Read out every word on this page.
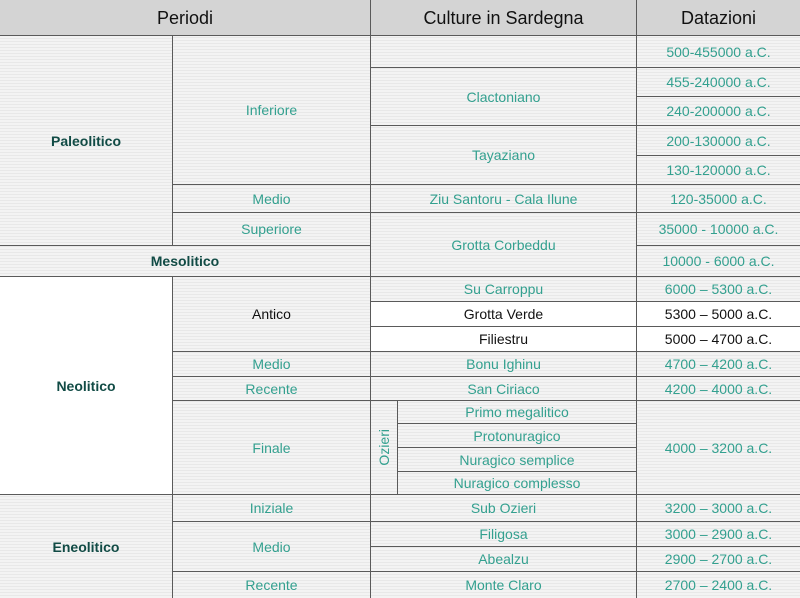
Periodi	Culture in Sardegna	Datazioni
Paleolitico
Mesolitico
Neolitico
Eneolitico
Inferiore
Medio
Superiore
Antico
Medio
Recente
Finale
Iniziale
Medio
Recente
Clactoniano
Tayaziano
Ziu Santoru - Cala Ilune
Grotta Corbeddu
Su Carroppu
Grotta Verde
Filiestru
Bonu Ighinu
San Ciriaco
Ozieri
Primo megalitico
Protonuragico
Nuragico semplice
Nuragico complesso
Sub Ozieri
Filigosa
Abealzu
Monte Claro
500-455000 a.C.
455-240000 a.C.
240-200000 a.C.
200-130000 a.C.
130-120000 a.C.
120-35000 a.C.
35000 - 10000 a.C.
10000 - 6000 a.C.
6000 – 5300 a.C.
5300 – 5000 a.C.
5000 – 4700 a.C.
4700 – 4200 a.C.
4200 – 4000 a.C.
4000 – 3200 a.C.
3200 – 3000 a.C.
3000 – 2900 a.C.
2900 – 2700 a.C.
2700 – 2400 a.C.
